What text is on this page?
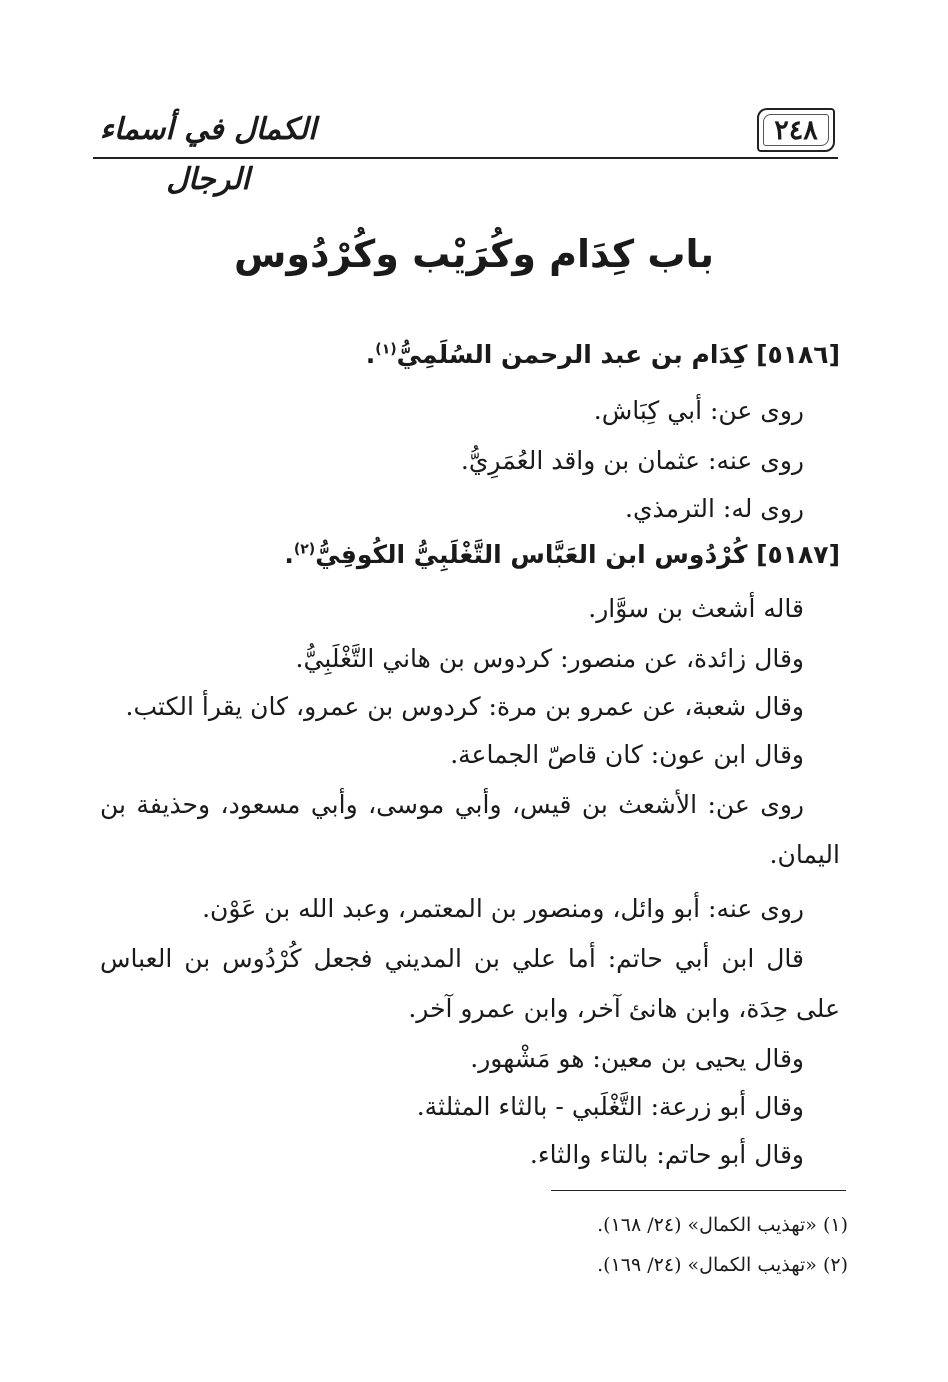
٢٤٨
الكمال في أسماء الرجال
باب كِدَام وكُرَيْب وكُرْدُوس
[٥١٨٦] كِدَام بن عبد الرحمن السُلَمِيُّ$^{(١)}$.
روى عن: أبي كِبَاش.
روى عنه: عثمان بن واقد العُمَرِيُّ.
روى له: الترمذي.
[٥١٨٧] كُرْدُوس ابن العَبَّاس التَّغْلَبِيُّ الكُوفِيُّ$^{(٢)}$.
قاله أشعث بن سوَّار.
وقال زائدة، عن منصور: كردوس بن هاني التَّغْلَبِيُّ.
وقال شعبة، عن عمرو بن مرة: كردوس بن عمرو، كان يقرأ الكتب.
وقال ابن عون: كان قاصّ الجماعة.
روى عن: الأشعث بن قيس، وأبي موسى، وأبي مسعود، وحذيفة بن
اليمان.
روى عنه: أبو وائل، ومنصور بن المعتمر، وعبد الله بن عَوْن.
قال ابن أبي حاتم: أما علي بن المديني فجعل كُرْدُوس بن العباس
على حِدَة، وابن هانئ آخر، وابن عمرو آخر.
وقال يحيى بن معين: هو مَشْهور.
وقال أبو زرعة: التَّغْلَبي - بالثاء المثلثة.
وقال أبو حاتم: بالتاء والثاء.
(١) «تهذيب الكمال» (٢٤/ ١٦٨).
(٢) «تهذيب الكمال» (٢٤/ ١٦٩).
